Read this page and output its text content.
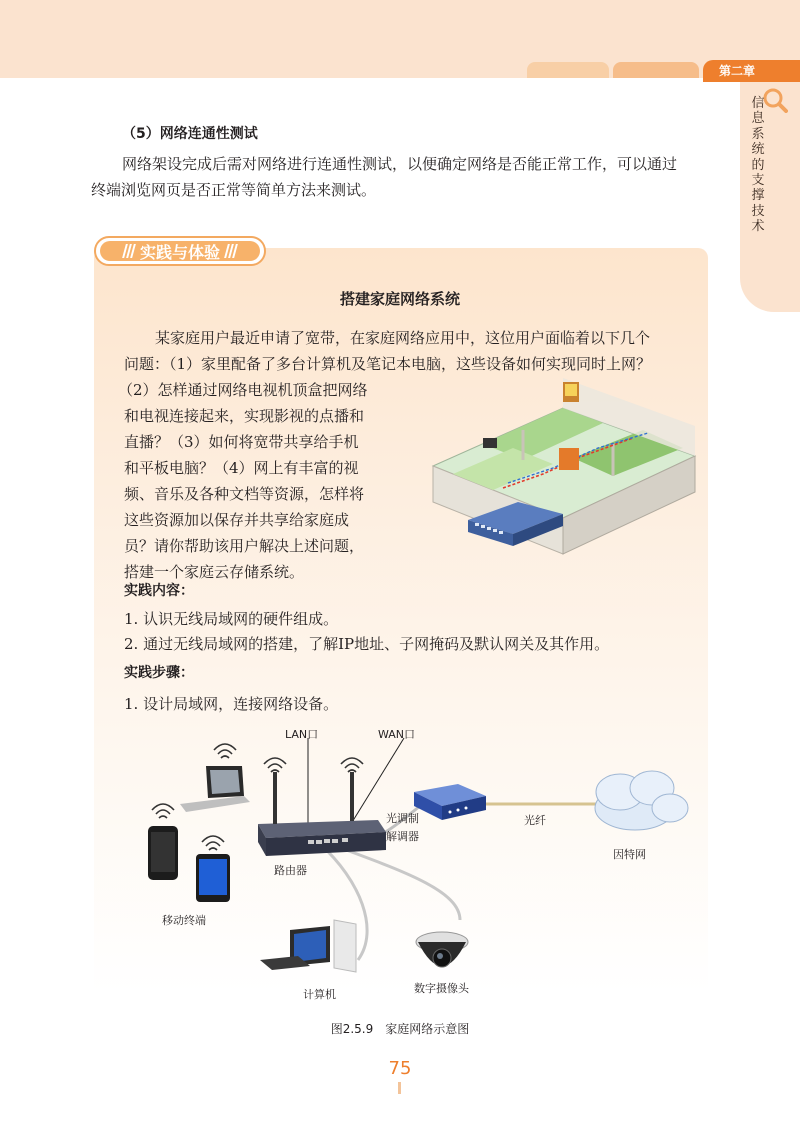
第二章
信息系统的支撑技术
（5）网络连通性测试
网络架设完成后需对网络进行连通性测试，以便确定网络是否能正常工作，可以通过
终端浏览网页是否正常等简单方法来测试。
实践与体验
搭建家庭网络系统
某家庭用户最近申请了宽带，在家庭网络应用中，这位用户面临着以下几个
问题：（1）家里配备了多台计算机及笔记本电脑，这些设备如何实现同时上网？
（2）怎样通过网络电视机顶盒把网络
和电视连接起来，实现影视的点播和
直播？（3）如何将宽带共享给手机
和平板电脑？（4）网上有丰富的视
频、音乐及各种文档等资源，怎样将
这些资源加以保存并共享给家庭成
员？请你帮助该用户解决上述问题，
搭建一个家庭云存储系统。
实践内容：
1. 认识无线局域网的硬件组成。
2. 通过无线局域网的搭建，了解IP地址、子网掩码及默认网关及其作用。
实践步骤：
1. 设计局域网，连接网络设备。
LAN口	WAN口
光调制
解调器
光纤
因特网
路由器
移动终端
计算机	数字摄像头
图2.5.9　家庭网络示意图
75
